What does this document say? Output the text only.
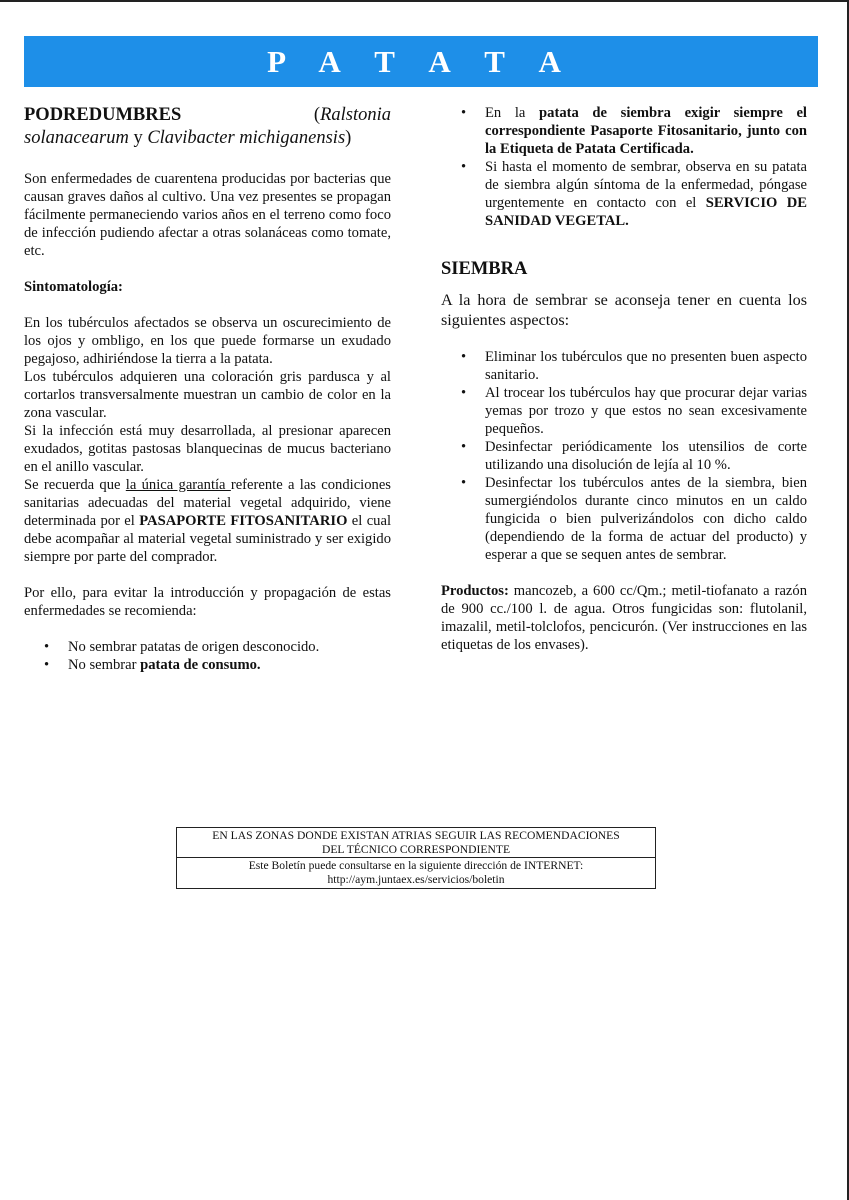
P A T A T A
PODREDUMBRES	(Ralstonia solanacearum y Clavibacter michiganensis)

Son enfermedades de cuarentena producidas por bacterias que causan graves daños al cultivo. Una vez presentes se propagan fácilmente permaneciendo varios años en el terreno como foco de infección pudiendo afectar a otras solanáceas como tomate, etc.

Sintomatología:

En los tubérculos afectados se observa un oscurecimiento de los ojos y ombligo, en los que puede formarse un exudado pegajoso, adhiriéndose la tierra a la patata.

Los tubérculos adquieren una coloración gris pardusca y al cortarlos transversalmente muestran un cambio de color en la zona vascular.

Si la infección está muy desarrollada, al presionar aparecen exudados, gotitas pastosas blanquecinas de mucus bacteriano en el anillo vascular.

Se recuerda que la única garantía referente a las condiciones sanitarias adecuadas del material vegetal adquirido, viene determinada por el PASAPORTE FITOSANITARIO el cual debe acompañar al material vegetal suministrado y ser exigido siempre por parte del comprador.

Por ello, para evitar la introducción y propagación de estas enfermedades se recomienda:

• No sembrar patatas de origen desconocido.
• No sembrar patata de consumo.
• En la patata de siembra exigir siempre el correspondiente Pasaporte Fitosanitario, junto con la Etiqueta de Patata Certificada.
• Si hasta el momento de sembrar, observa en su patata de siembra algún síntoma de la enfermedad, póngase urgentemente en contacto con el SERVICIO DE SANIDAD VEGETAL.

SIEMBRA

A la hora de sembrar se aconseja tener en cuenta los siguientes aspectos:

• Eliminar los tubérculos que no presenten buen aspecto sanitario.
• Al trocear los tubérculos hay que procurar dejar varias yemas por trozo y que estos no sean excesivamente pequeños.
• Desinfectar periódicamente los utensilios de corte utilizando una disolución de lejía al 10 %.
• Desinfectar los tubérculos antes de la siembra, bien sumergiéndolos durante cinco minutos en un caldo fungicida o bien pulverizándolos con dicho caldo (dependiendo de la forma de actuar del producto) y esperar a que se sequen antes de sembrar.

Productos: mancozeb, a 600 cc/Qm.; metil-tiofanato a razón de 900 cc./100 l. de agua. Otros fungicidas son: flutolanil, imazalil, metil-tolclofos, pencicurón. (Ver instrucciones en las etiquetas de los envases).

EN LAS ZONAS DONDE EXISTAN ATRIAS SEGUIR LAS RECOMENDACIONES
DEL TÉCNICO CORRESPONDIENTE
Este Boletín puede consultarse en la siguiente dirección de INTERNET:
http://aym.juntaex.es/servicios/boletin
